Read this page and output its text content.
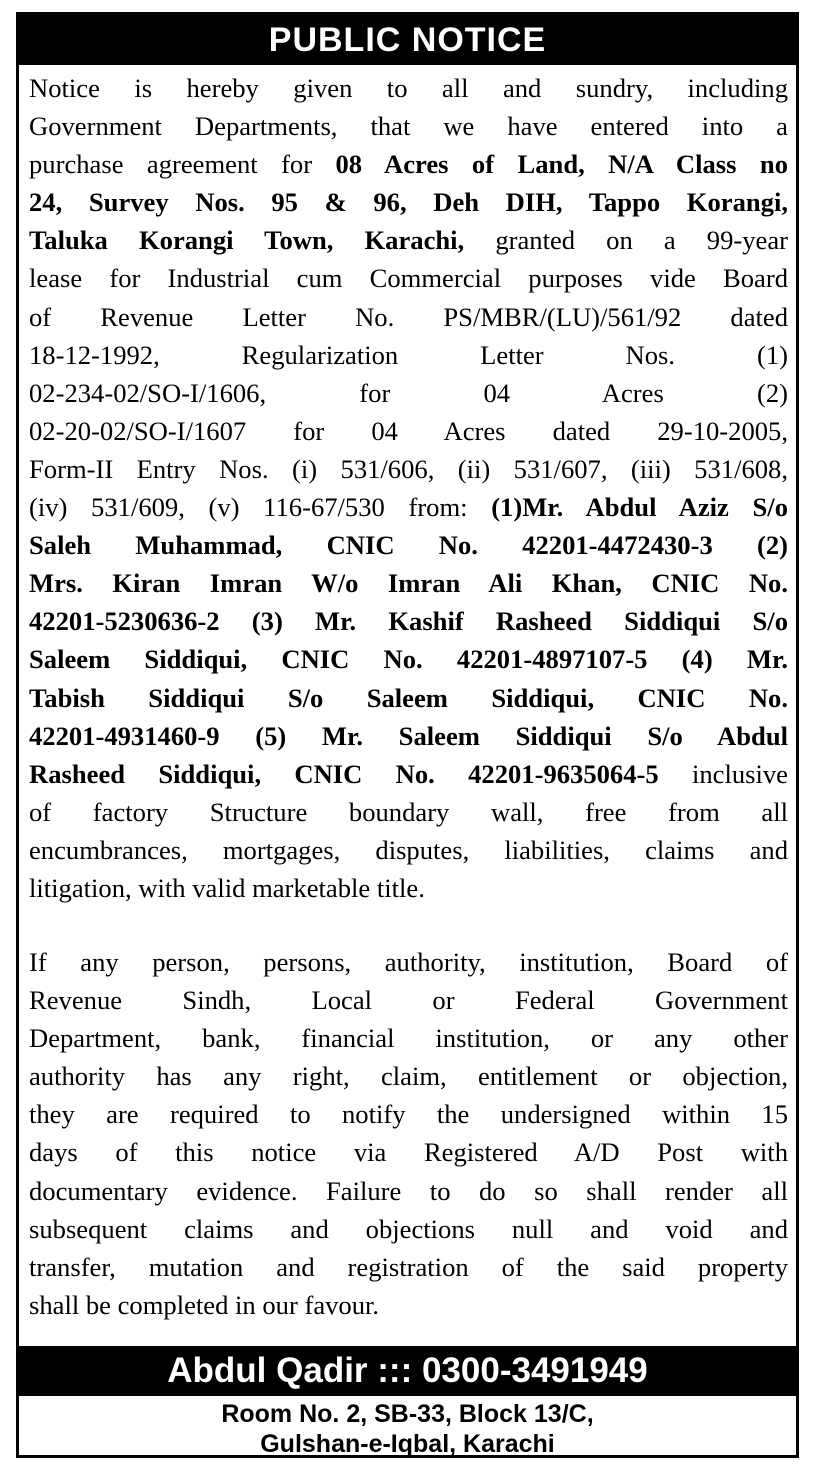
PUBLIC NOTICE
Notice is hereby given to all and sundry, including
Government Departments, that we have entered into a
purchase agreement for 08 Acres of Land, N/A Class no
24, Survey Nos. 95 & 96, Deh DIH, Tappo Korangi,
Taluka Korangi Town, Karachi, granted on a 99-year
lease for Industrial cum Commercial purposes vide Board
of Revenue Letter No. PS/MBR/(LU)/561/92 dated
18-12-1992, Regularization Letter Nos. (1)
02-234-02/SO-I/1606, for 04 Acres (2)
02-20-02/SO-I/1607 for 04 Acres dated 29-10-2005,
Form-II Entry Nos. (i) 531/606, (ii) 531/607, (iii) 531/608,
(iv) 531/609, (v) 116-67/530 from: (1)Mr. Abdul Aziz S/o
Saleh Muhammad, CNIC No. 42201-4472430-3 (2)
Mrs. Kiran Imran W/o Imran Ali Khan, CNIC No.
42201-5230636-2 (3) Mr. Kashif Rasheed Siddiqui S/o
Saleem Siddiqui, CNIC No. 42201-4897107-5 (4) Mr.
Tabish Siddiqui S/o Saleem Siddiqui, CNIC No.
42201-4931460-9 (5) Mr. Saleem Siddiqui S/o Abdul
Rasheed Siddiqui, CNIC No. 42201-9635064-5 inclusive
of factory Structure boundary wall, free from all
encumbrances, mortgages, disputes, liabilities, claims and
litigation, with valid marketable title.
If any person, persons, authority, institution, Board of
Revenue Sindh, Local or Federal Government
Department, bank, financial institution, or any other
authority has any right, claim, entitlement or objection,
they are required to notify the undersigned within 15
days of this notice via Registered A/D Post with
documentary evidence. Failure to do so shall render all
subsequent claims and objections null and void and
transfer, mutation and registration of the said property
shall be completed in our favour.
Abdul Qadir ::: 0300-3491949
Room No. 2, SB-33, Block 13/C,
Gulshan-e-Iqbal, Karachi
